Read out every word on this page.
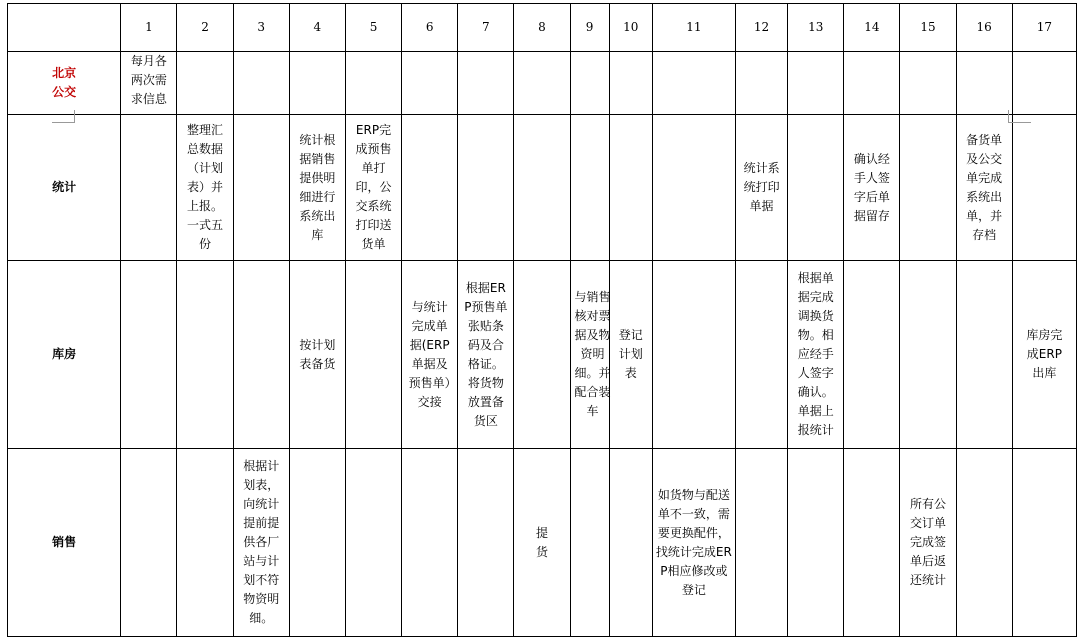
	1	2	3	4	5	6	7	8	9	10	11	12	13	14	15	16	17

北京公交	每月各两次需求信息																

统计		整理汇总数据（计划表）并上报。一式五份		统计根据销售提供明细进行系统出库	ERP完成预售单打印，公交系统打印送货单							统计系统打印单据		确认经手人签字后单据留存		备货单及公交单完成系统出单，并存档	

库房				按计划表备货		与统计完成单据(ERP单据及预售单）交接	根据ERP预售单张贴条码及合格证。将货物放置备货区		与销售核对票据及物资明细。并配合装车	登记计划表			根据单据完成调换货物。相应经手人签字确认。单据上报统计				库房完成ERP出库

销售			根据计划表，向统计提前提供各厂站与计划不符物资明细。					提货			如货物与配送单不一致，需要更换配件，找统计完成ERP相应修改或登记				所有公交订单完成签单后返还统计		
